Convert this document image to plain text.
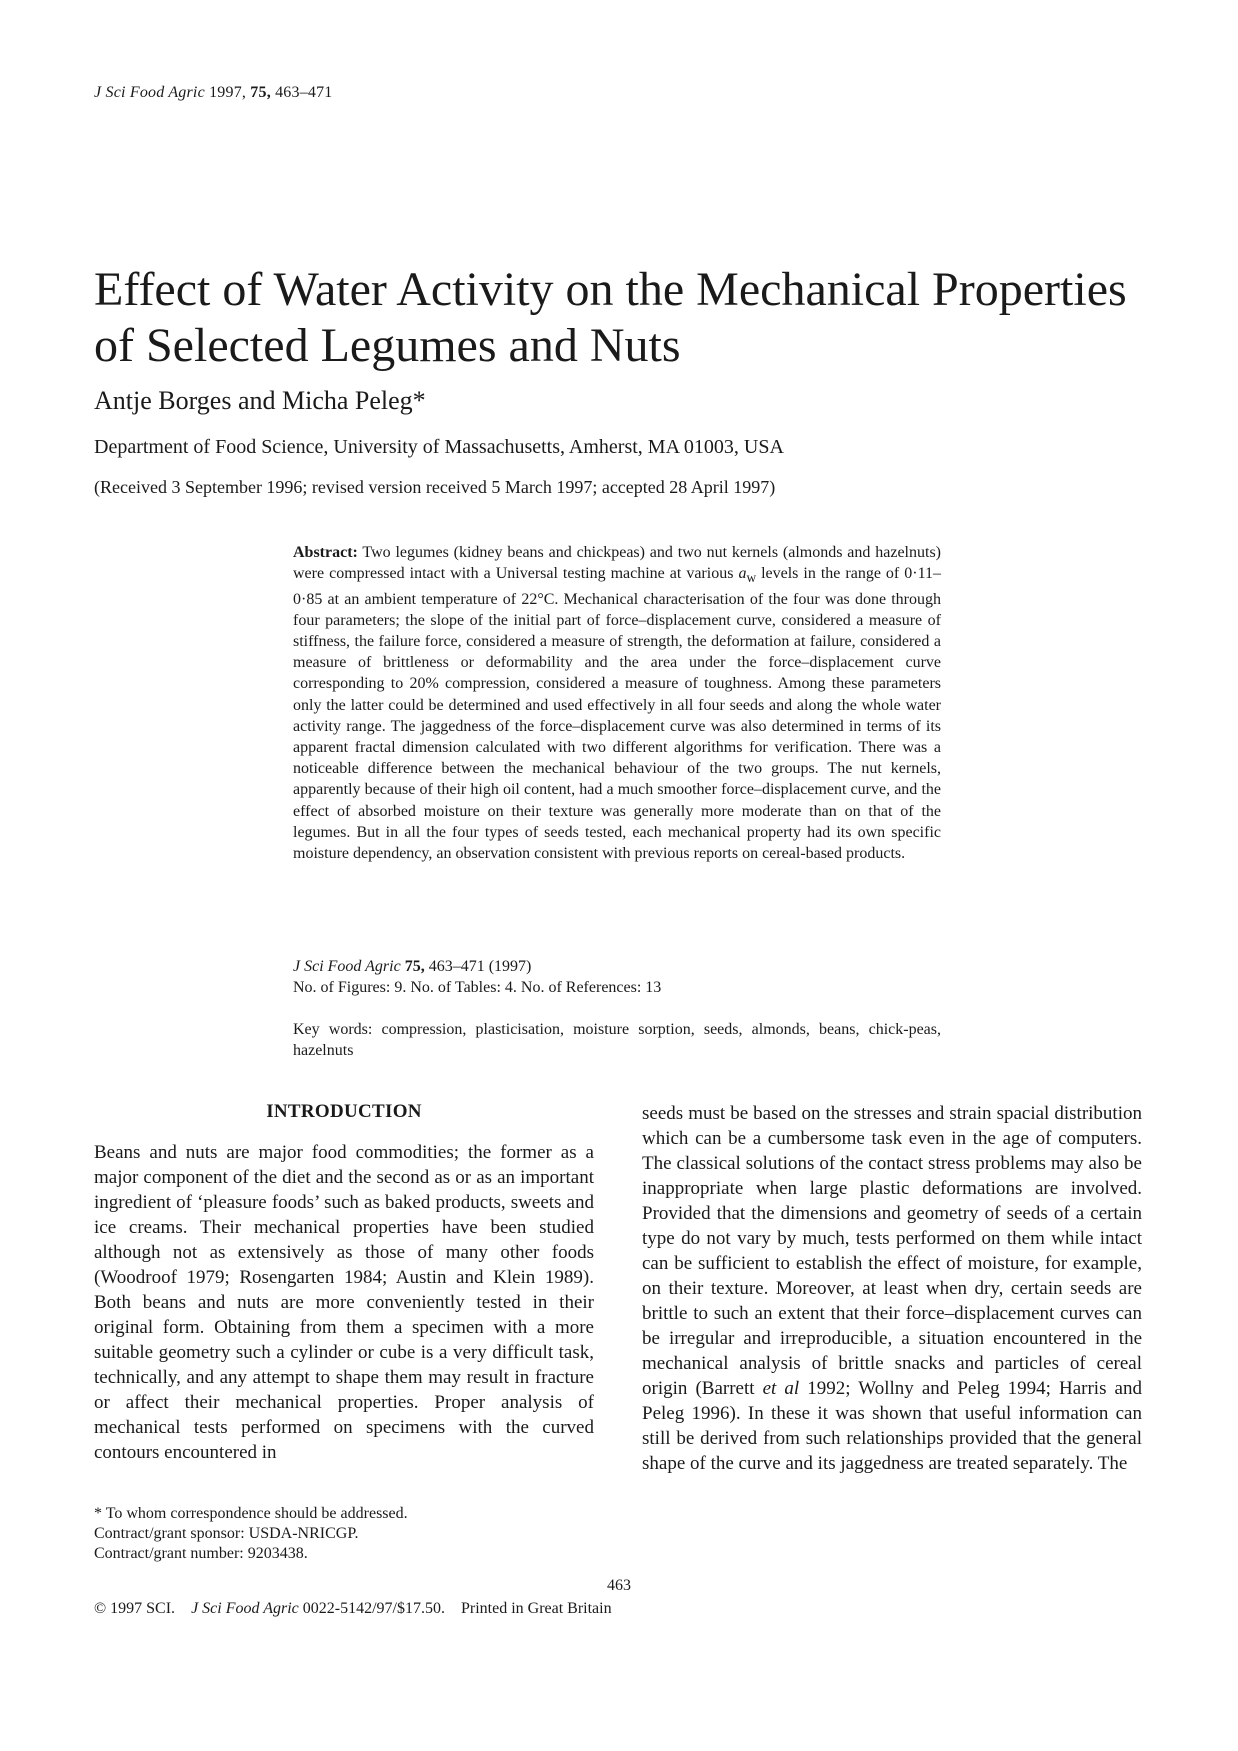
J Sci Food Agric 1997, 75, 463–471
Effect of Water Activity on the Mechanical Properties of Selected Legumes and Nuts
Antje Borges and Micha Peleg*
Department of Food Science, University of Massachusetts, Amherst, MA 01003, USA
(Received 3 September 1996; revised version received 5 March 1997; accepted 28 April 1997)

Abstract: Two legumes (kidney beans and chickpeas) and two nut kernels (almonds and hazelnuts) were compressed intact with a Universal testing machine at various $a_w$ levels in the range of 0·11–0·85 at an ambient temperature of 22°C. Mechanical characterisation of the four was done through four parameters; the slope of the initial part of force–displacement curve, considered a measure of stiffness, the failure force, considered a measure of strength, the deformation at failure, considered a measure of brittleness or deformability and the area under the force–displacement curve corresponding to 20% compression, considered a measure of toughness. Among these parameters only the latter could be determined and used effectively in all four seeds and along the whole water activity range. The jaggedness of the force–displacement curve was also determined in terms of its apparent fractal dimension calculated with two different algorithms for verification. There was a noticeable difference between the mechanical behaviour of the two groups. The nut kernels, apparently because of their high oil content, had a much smoother force–displacement curve, and the effect of absorbed moisture on their texture was generally more moderate than on that of the legumes. But in all the four types of seeds tested, each mechanical property had its own specific moisture dependency, an observation consistent with previous reports on cereal-based products.

J Sci Food Agric 75, 463–471 (1997)
No. of Figures: 9. No. of Tables: 4. No. of References: 13
Key words: compression, plasticisation, moisture sorption, seeds, almonds, beans, chick-peas, hazelnuts
INTRODUCTION

Beans and nuts are major food commodities; the former as a major component of the diet and the second as or as an important ingredient of ‘pleasure foods’ such as baked products, sweets and ice creams. Their mechanical properties have been studied although not as extensively as those of many other foods (Woodroof 1979; Rosengarten 1984; Austin and Klein 1989). Both beans and nuts are more conveniently tested in their original form. Obtaining from them a specimen with a more suitable geometry such a cylinder or cube is a very difficult task, technically, and any attempt to shape them may result in fracture or affect their mechanical properties. Proper analysis of mechanical tests performed on specimens with the curved contours encountered in

seeds must be based on the stresses and strain spacial distribution which can be a cumbersome task even in the age of computers. The classical solutions of the contact stress problems may also be inappropriate when large plastic deformations are involved. Provided that the dimensions and geometry of seeds of a certain type do not vary by much, tests performed on them while intact can be sufficient to establish the effect of moisture, for example, on their texture. Moreover, at least when dry, certain seeds are brittle to such an extent that their force–displacement curves can be irregular and irreproducible, a situation encountered in the mechanical analysis of brittle snacks and particles of cereal origin (Barrett et al 1992; Wollny and Peleg 1994; Harris and Peleg 1996). In these it was shown that useful information can still be derived from such relationships provided that the general shape of the curve and its jaggedness are treated separately. The

* To whom correspondence should be addressed.
Contract/grant sponsor: USDA-NRICGP.
Contract/grant number: 9203438.
463
© 1997 SCI. J Sci Food Agric 0022-5142/97/$17.50. Printed in Great Britain
